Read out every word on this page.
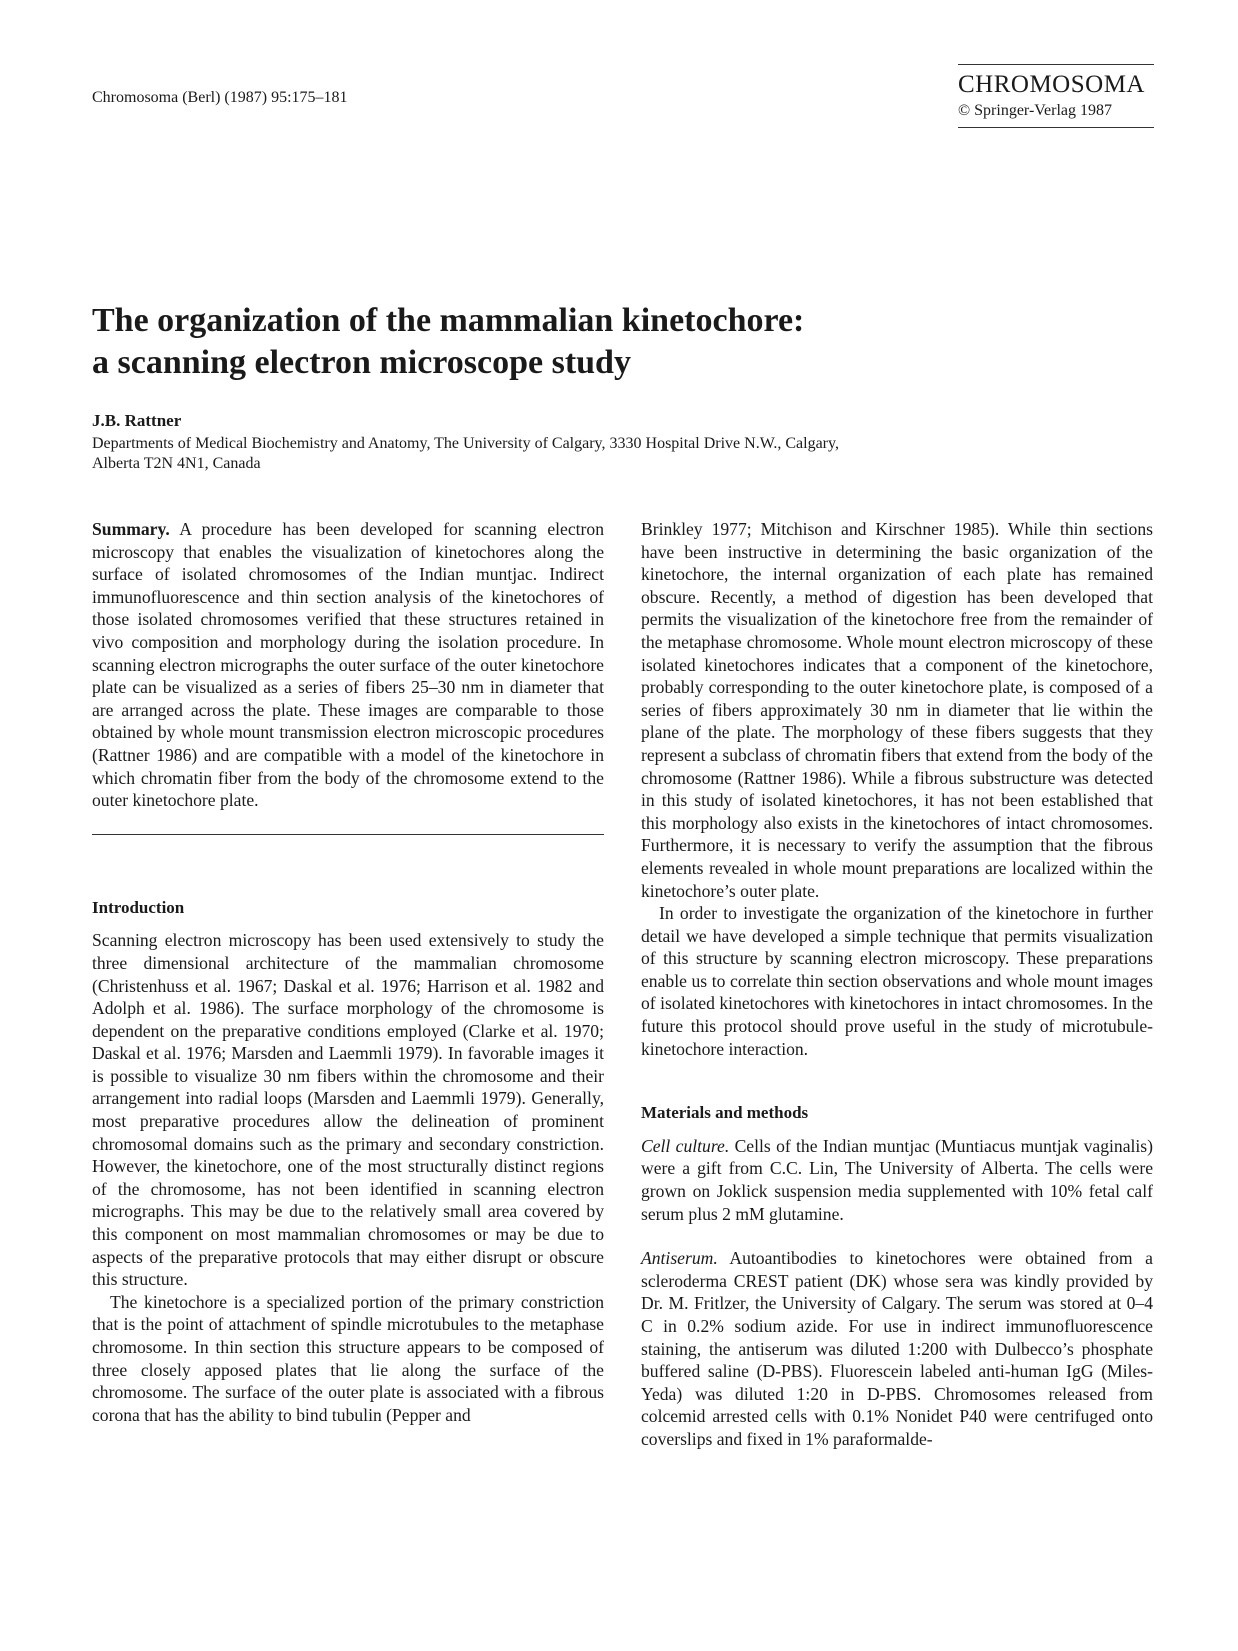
Chromosoma (Berl) (1987) 95:175–181	CHROMOSOMA
© Springer-Verlag 1987
The organization of the mammalian kinetochore:
a scanning electron microscope study
J.B. Rattner
Departments of Medical Biochemistry and Anatomy, The University of Calgary, 3330 Hospital Drive N.W., Calgary,
Alberta T2N 4N1, Canada

Summary. A procedure has been developed for scanning electron microscopy that enables the visualization of kinetochores along the surface of isolated chromosomes of the Indian muntjac. Indirect immunofluorescence and thin section analysis of the kinetochores of those isolated chromosomes verified that these structures retained in vivo composition and morphology during the isolation procedure. In scanning electron micrographs the outer surface of the outer kinetochore plate can be visualized as a series of fibers 25–30 nm in diameter that are arranged across the plate. These images are comparable to those obtained by whole mount transmission electron microscopic procedures (Rattner 1986) and are compatible with a model of the kinetochore in which chromatin fiber from the body of the chromosome extend to the outer kinetochore plate.

Introduction

Scanning electron microscopy has been used extensively to study the three dimensional architecture of the mammalian chromosome (Christenhuss et al. 1967; Daskal et al. 1976; Harrison et al. 1982 and Adolph et al. 1986). The surface morphology of the chromosome is dependent on the preparative conditions employed (Clarke et al. 1970; Daskal et al. 1976; Marsden and Laemmli 1979). In favorable images it is possible to visualize 30 nm fibers within the chromosome and their arrangement into radial loops (Marsden and Laemmli 1979). Generally, most preparative procedures allow the delineation of prominent chromosomal domains such as the primary and secondary constriction. However, the kinetochore, one of the most structurally distinct regions of the chromosome, has not been identified in scanning electron micrographs. This may be due to the relatively small area covered by this component on most mammalian chromosomes or may be due to aspects of the preparative protocols that may either disrupt or obscure this structure.

The kinetochore is a specialized portion of the primary constriction that is the point of attachment of spindle microtubules to the metaphase chromosome. In thin section this structure appears to be composed of three closely apposed plates that lie along the surface of the chromosome. The surface of the outer plate is associated with a fibrous corona that has the ability to bind tubulin (Pepper and

Brinkley 1977; Mitchison and Kirschner 1985). While thin sections have been instructive in determining the basic organization of the kinetochore, the internal organization of each plate has remained obscure. Recently, a method of digestion has been developed that permits the visualization of the kinetochore free from the remainder of the metaphase chromosome. Whole mount electron microscopy of these isolated kinetochores indicates that a component of the kinetochore, probably corresponding to the outer kinetochore plate, is composed of a series of fibers approximately 30 nm in diameter that lie within the plane of the plate. The morphology of these fibers suggests that they represent a subclass of chromatin fibers that extend from the body of the chromosome (Rattner 1986). While a fibrous substructure was detected in this study of isolated kinetochores, it has not been established that this morphology also exists in the kinetochores of intact chromosomes. Furthermore, it is necessary to verify the assumption that the fibrous elements revealed in whole mount preparations are localized within the kinetochore’s outer plate.

In order to investigate the organization of the kinetochore in further detail we have developed a simple technique that permits visualization of this structure by scanning electron microscopy. These preparations enable us to correlate thin section observations and whole mount images of isolated kinetochores with kinetochores in intact chromosomes. In the future this protocol should prove useful in the study of microtubule-kinetochore interaction.

Materials and methods

Cell culture. Cells of the Indian muntjac (Muntiacus muntjak vaginalis) were a gift from C.C. Lin, The University of Alberta. The cells were grown on Joklick suspension media supplemented with 10% fetal calf serum plus 2 mM glutamine.

Antiserum. Autoantibodies to kinetochores were obtained from a scleroderma CREST patient (DK) whose sera was kindly provided by Dr. M. Fritlzer, the University of Calgary. The serum was stored at 0–4 C in 0.2% sodium azide. For use in indirect immunofluorescence staining, the antiserum was diluted 1:200 with Dulbecco’s phosphate buffered saline (D-PBS). Fluorescein labeled anti-human IgG (Miles-Yeda) was diluted 1:20 in D-PBS. Chromosomes released from colcemid arrested cells with 0.1% Nonidet P40 were centrifuged onto coverslips and fixed in 1% paraformalde-
